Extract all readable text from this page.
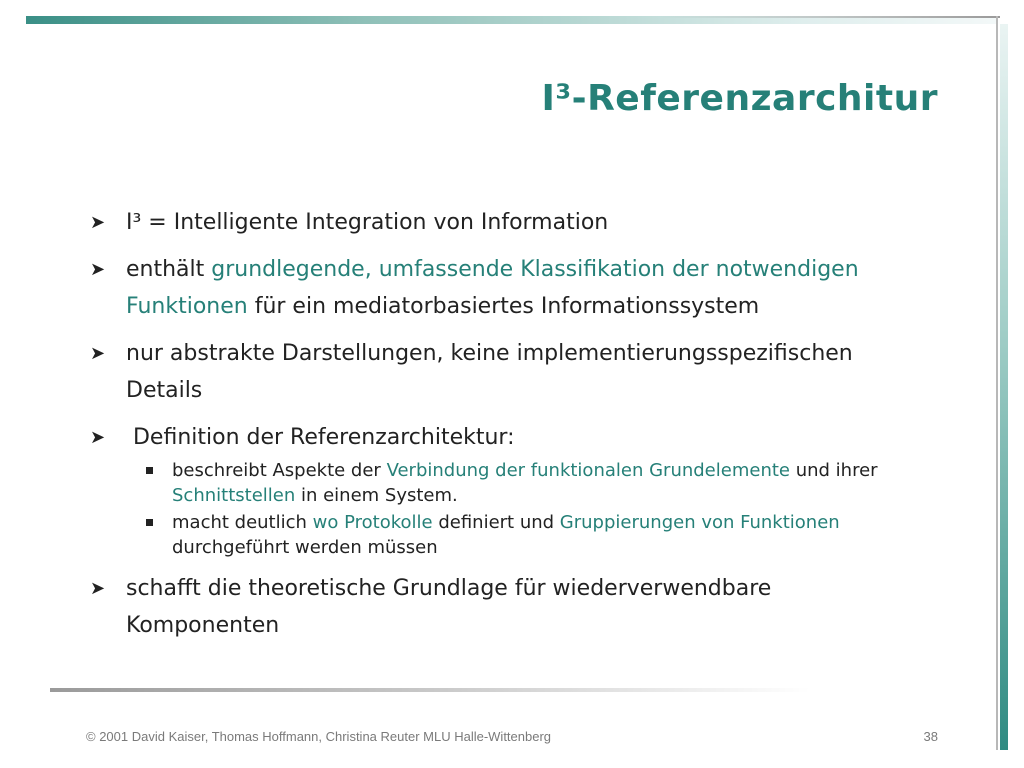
I³-Referenzarchitur
➤ I³ = Intelligente Integration von Information
➤ enthält grundlegende, umfassende Klassifikation der notwendigen Funktionen für ein mediatorbasiertes Informationssystem
➤ nur abstrakte Darstellungen, keine implementierungsspezifischen Details
➤ Definition der Referenzarchitektur:
beschreibt Aspekte der Verbindung der funktionalen Grundelemente und ihrer Schnittstellen in einem System.
macht deutlich wo Protokolle definiert und Gruppierungen von Funktionen durchgeführt werden müssen
➤ schafft die theoretische Grundlage für wiederverwendbare Komponenten
© 2001 David Kaiser, Thomas Hoffmann, Christina Reuter MLU Halle-Wittenberg	38
